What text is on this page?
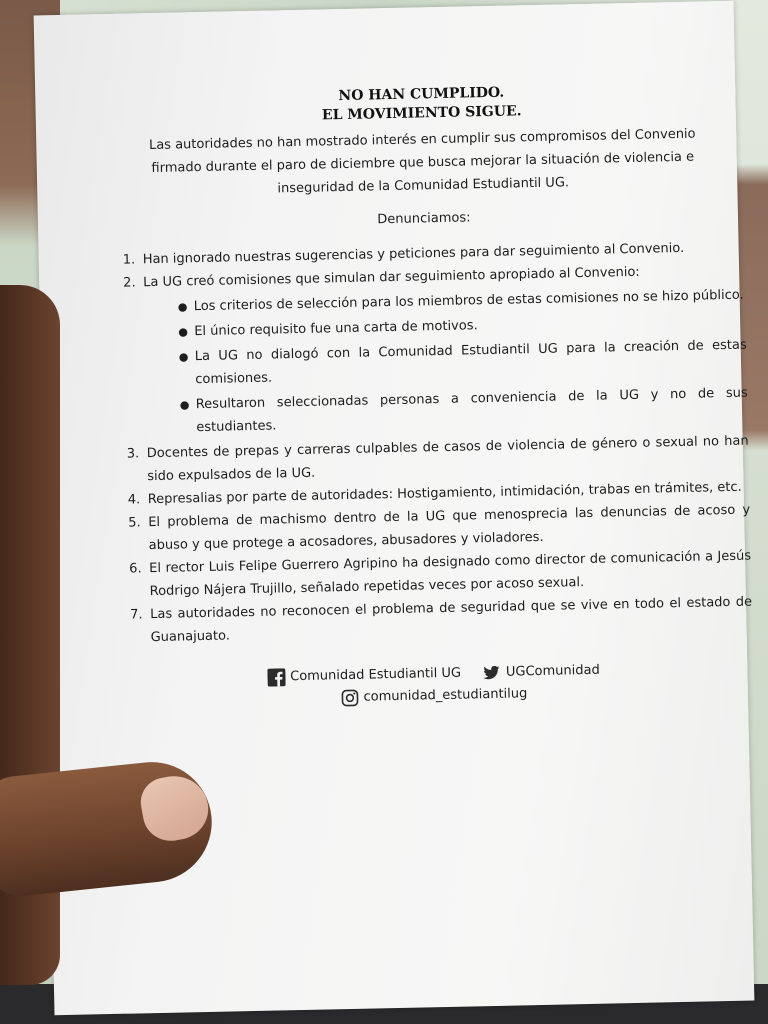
NO HAN CUMPLIDO.
EL MOVIMIENTO SIGUE.
Las autoridades no han mostrado interés en cumplir sus compromisos del Convenio
firmado durante el paro de diciembre que busca mejorar la situación de violencia e
inseguridad de la Comunidad Estudiantil UG.
Denunciamos:
1. Han ignorado nuestras sugerencias y peticiones para dar seguimiento al Convenio.
2. La UG creó comisiones que simulan dar seguimiento apropiado al Convenio:
● Los criterios de selección para los miembros de estas comisiones no se hizo público.
● El único requisito fue una carta de motivos.
● La UG no dialogó con la Comunidad Estudiantil UG para la creación de estas comisiones.
● Resultaron seleccionadas personas a conveniencia de la UG y no de sus estudiantes.
3. Docentes de prepas y carreras culpables de casos de violencia de género o sexual no han sido expulsados de la UG.
4. Represalias por parte de autoridades: Hostigamiento, intimidación, trabas en trámites, etc.
5. El problema de machismo dentro de la UG que menosprecia las denuncias de acoso y abuso y que protege a acosadores, abusadores y violadores.
6. El rector Luis Felipe Guerrero Agripino ha designado como director de comunicación a Jesús Rodrigo Nájera Trujillo, señalado repetidas veces por acoso sexual.
7. Las autoridades no reconocen el problema de seguridad que se vive en todo el estado de Guanajuato.
Comunidad Estudiantil UG	UGComunidad
comunidad_estudiantilug
